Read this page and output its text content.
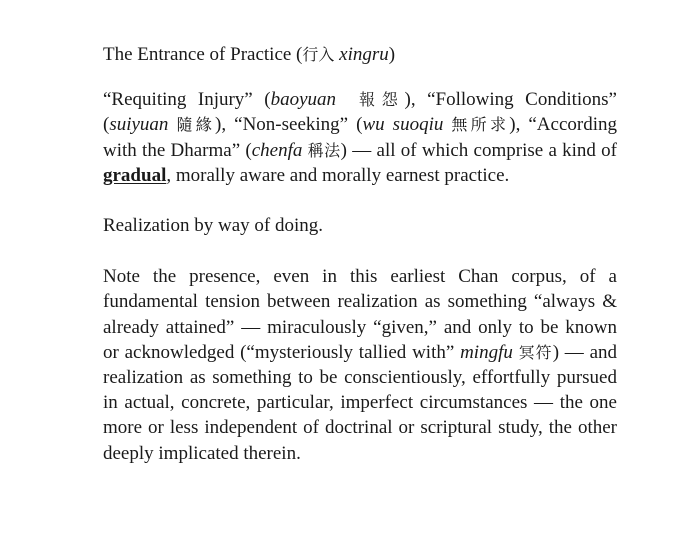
The Entrance of Practice (行入 xingru)
“Requiting Injury” (baoyuan 報怨), “Following Conditions” (suiyuan 隨緣), “Non-seeking” (wu suoqiu 無所求), “According with the Dharma” (chenfa 稱法) — all of which comprise a kind of gradual, morally aware and morally earnest practice.
Realization by way of doing.
Note the presence, even in this earliest Chan corpus, of a fundamental tension between realization as something “always & already attained” — miraculously “given,” and only to be known or acknowledged (“mysteriously tallied with” mingfu 冥符) — and realization as something to be conscientiously, effortfully pursued in actual, concrete, particular, imperfect circumstances — the one more or less independent of doctrinal or scriptural study, the other deeply implicated therein.
